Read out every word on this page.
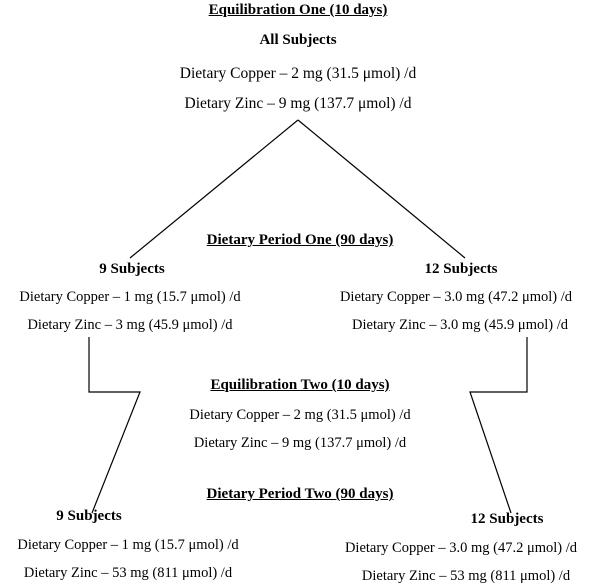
Equilibration One (10 days)
All Subjects
Dietary Copper – 2 mg (31.5 μmol) /d
Dietary Zinc – 9 mg (137.7 μmol) /d
Dietary Period One (90 days)
9 Subjects	12 Subjects
Dietary Copper – 1 mg (15.7 μmol) /d
Dietary Zinc – 3 mg (45.9 μmol) /d
Dietary Copper – 3.0 mg (47.2 μmol) /d
Dietary Zinc – 3.0 mg (45.9 μmol) /d
Equilibration Two (10 days)
Dietary Copper – 2 mg (31.5 μmol) /d
Dietary Zinc – 9 mg (137.7 μmol) /d
Dietary Period Two (90 days)
9 Subjects	12 Subjects
Dietary Copper – 1 mg (15.7 μmol) /d
Dietary Zinc – 53 mg (811 μmol) /d
Dietary Copper – 3.0 mg (47.2 μmol) /d
Dietary Zinc – 53 mg (811 μmol) /d
